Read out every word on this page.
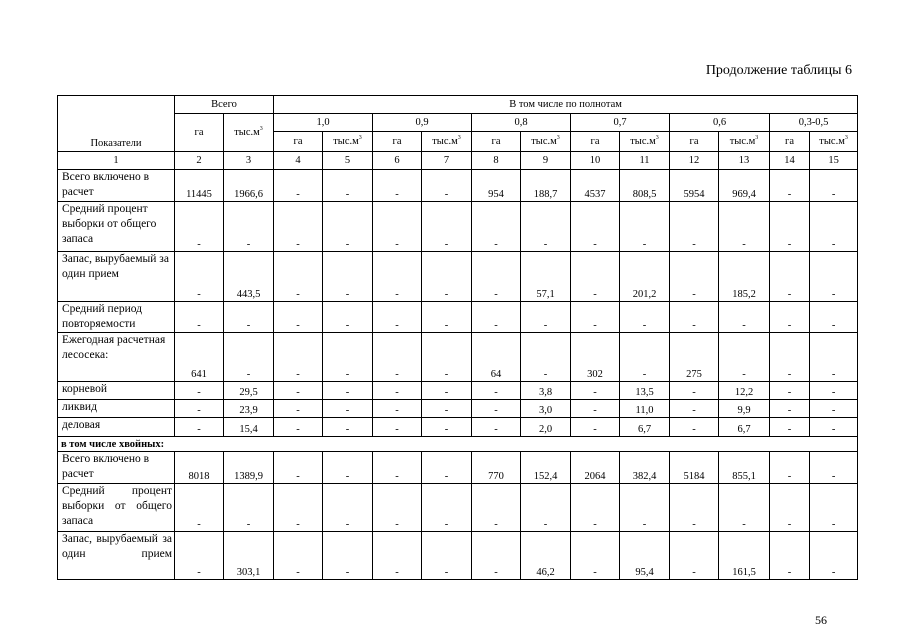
Продолжение таблицы 6
Показатели	Всего		В том числе по полнотам											
	га	$тыс.м^3$	1,0		0,9		0,8		0,7		0,6		0,3-0,5	
			га	$тыс.м^3$	га	$тыс.м^3$	га	$тыс.м^3$	га	$тыс.м^3$	га	$тыс.м^3$	га	$тыс.м^3$
1	2	3	4	5	6	7	8	9	10	11	12	13	14	15
Всего включено в расчет	11445	1966,6	-	-	-	-	954	188,7	4537	808,5	5954	969,4	-	-
Средний процент выборки от общего запаса	-	-	-	-	-	-	-	-	-	-	-	-	-	-
Запас, вырубаемый за один прием	-	443,5	-	-	-	-	-	57,1	-	201,2	-	185,2	-	-
Средний период повторяемости	-	-	-	-	-	-	-	-	-	-	-	-	-	-
Ежегодная расчетная лесосека:	641	-	-	-	-	-	64	-	302	-	275	-	-	-
корневой	-	29,5	-	-	-	-	-	3,8	-	13,5	-	12,2	-	-
ликвид	-	23,9	-	-	-	-	-	3,0	-	11,0	-	9,9	-	-
деловая	-	15,4	-	-	-	-	-	2,0	-	6,7	-	6,7	-	-
в том числе хвойных:														
Всего включено в расчет	8018	1389,9	-	-	-	-	770	152,4	2064	382,4	5184	855,1	-	-
Средний процент выборки от общего запаса	-	-	-	-	-	-	-	-	-	-	-	-	-	-
Запас, вырубаемый за один прием	-	303,1	-	-	-	-	-	46,2	-	95,4	-	161,5	-	-
56
